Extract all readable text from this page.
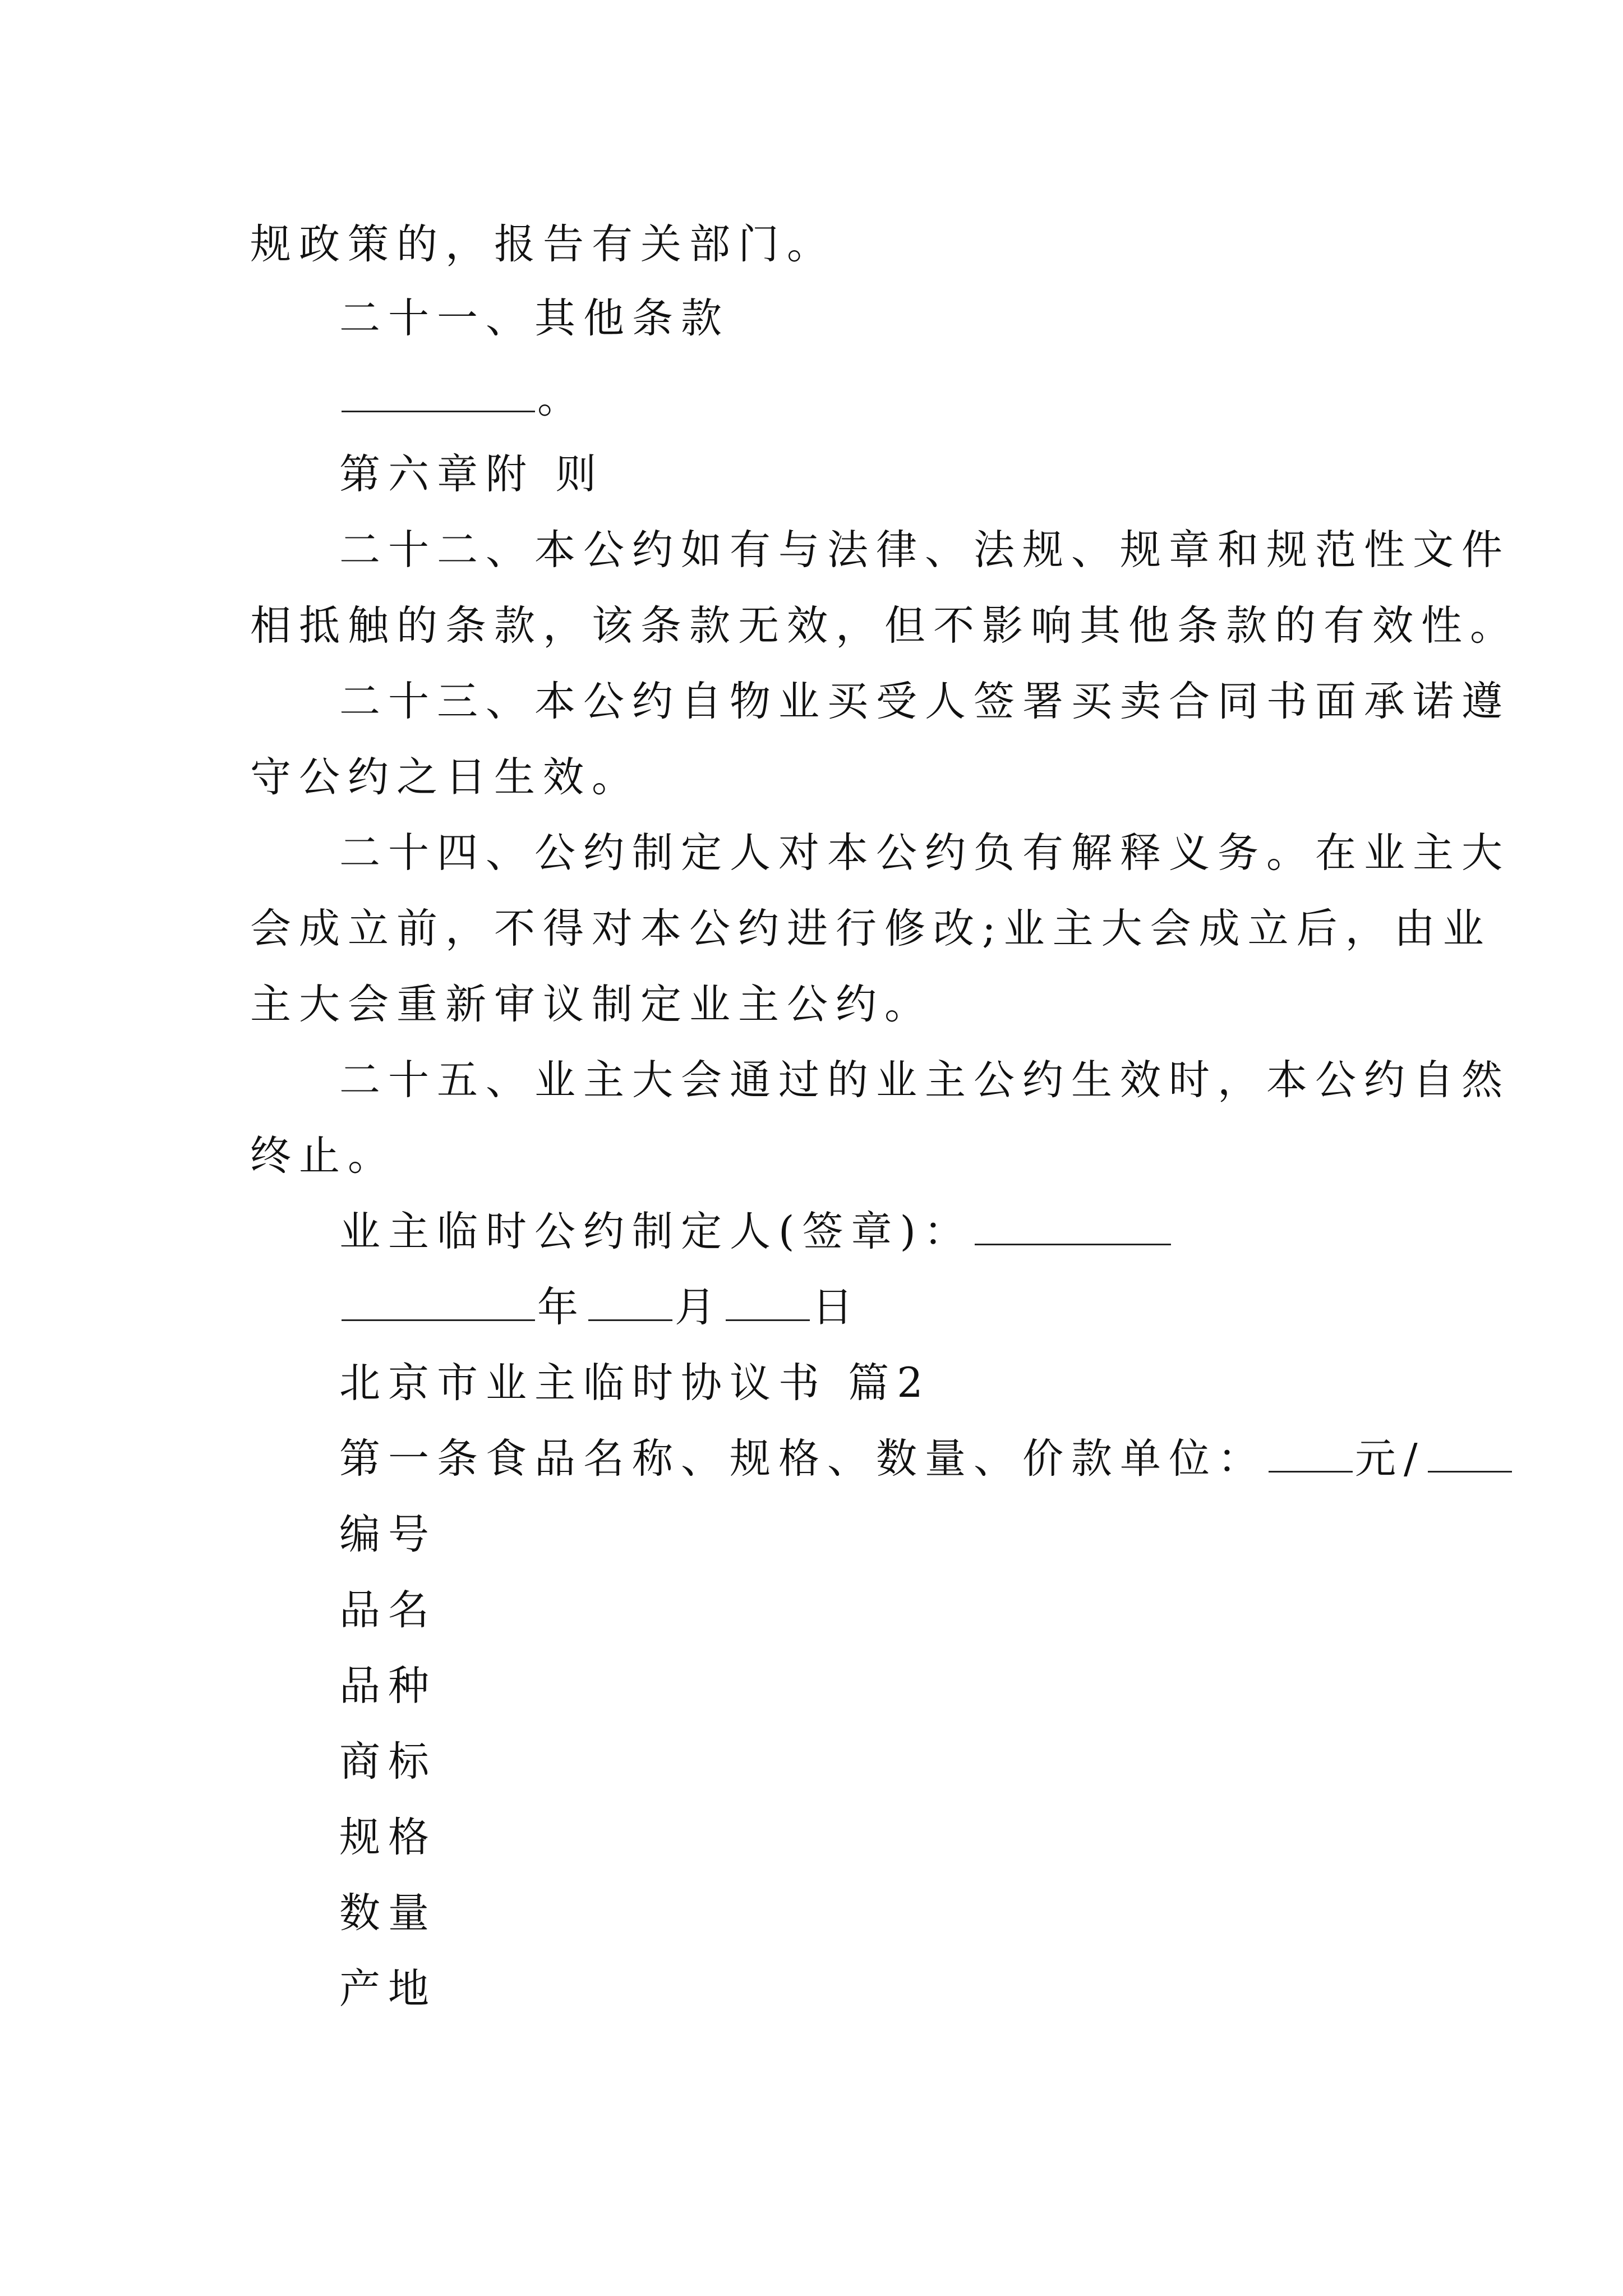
规政策的，报告有关部门。
二十一、其他条款
。
第六章附 则
二十二、本公约如有与法律、法规、规章和规范性文件
相抵触的条款，该条款无效，但不影响其他条款的有效性。
二十三、本公约自物业买受人签署买卖合同书面承诺遵
守公约之日生效。
二十四、公约制定人对本公约负有解释义务。在业主大
会成立前，不得对本公约进行修改;业主大会成立后，由业
主大会重新审议制定业主公约。
二十五、业主大会通过的业主公约生效时，本公约自然
终止。
业主临时公约制定人(签章)：
年 月 日
北京市业主临时协议书 篇2
第一条食品名称、规格、数量、价款单位： 元/
编号
品名
品种
商标
规格
数量
产地
